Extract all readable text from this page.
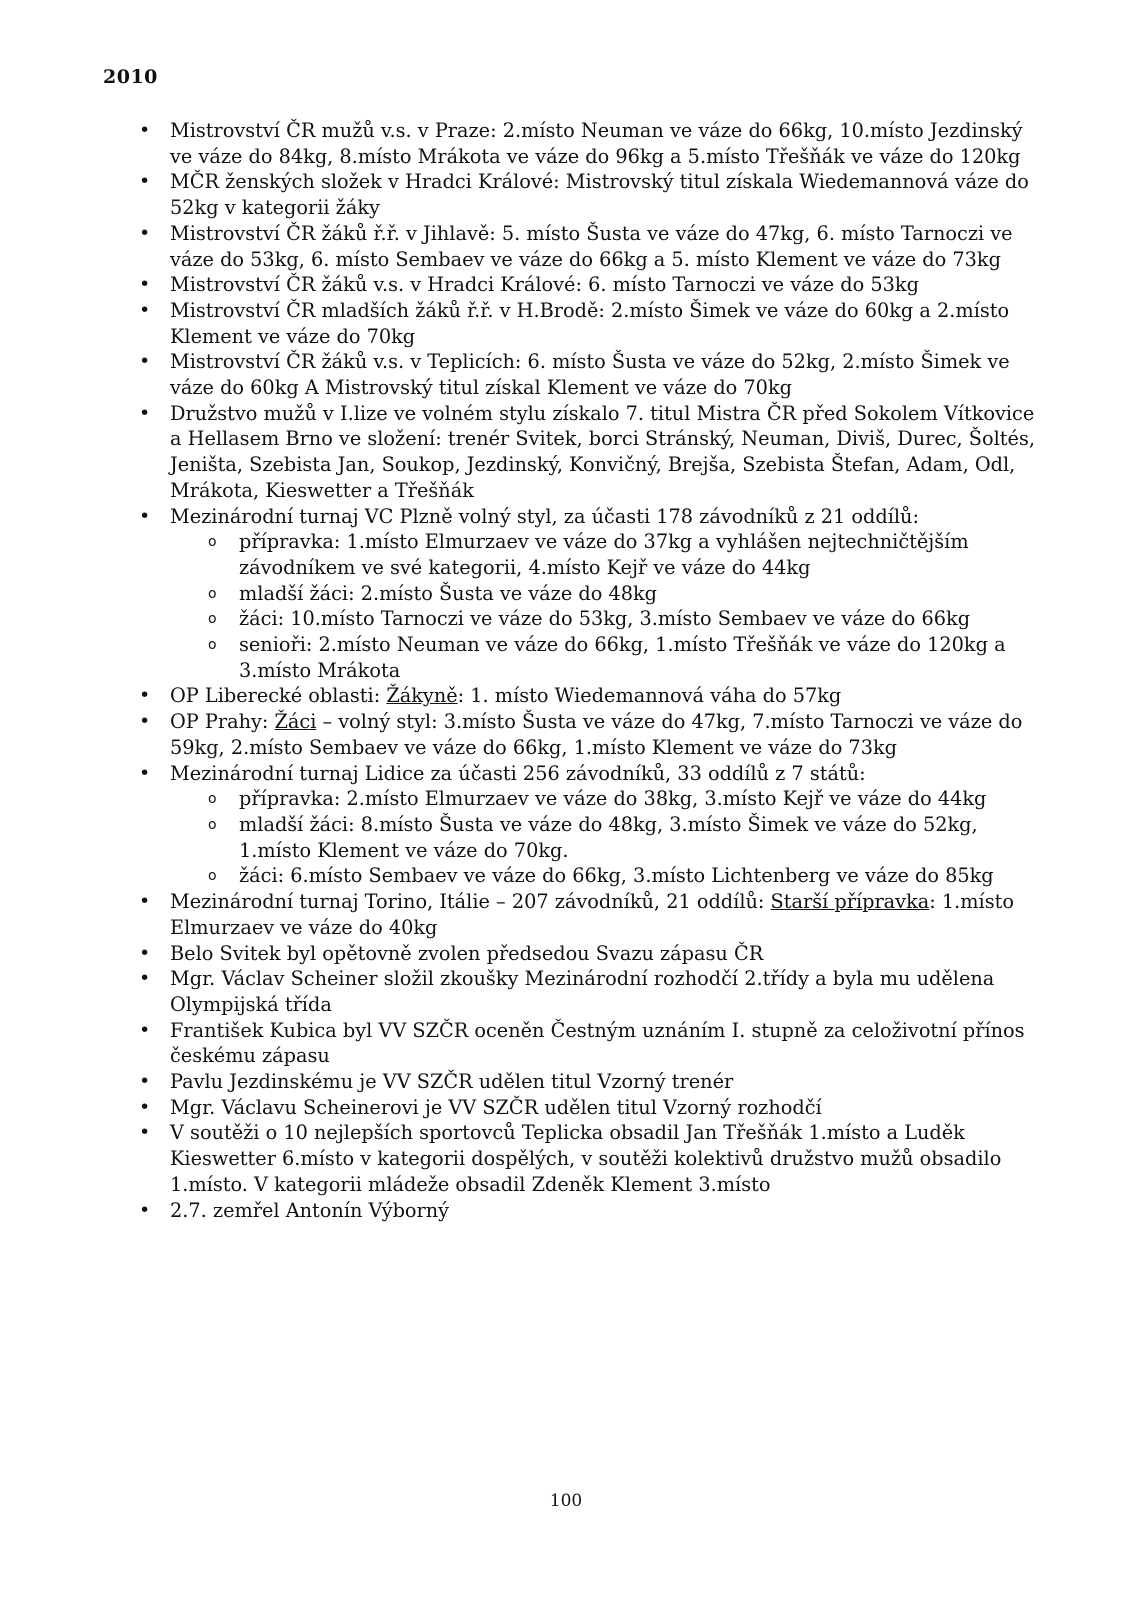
2010
• Mistrovství ČR mužů v.s. v Praze: 2.místo Neuman ve váze do 66kg, 10.místo Jezdinský ve váze do 84kg, 8.místo Mrákota ve váze do 96kg a 5.místo Třešňák ve váze do 120kg
• MČR ženských složek v Hradci Králové: Mistrovský titul získala Wiedemannová váze do 52kg v kategorii žáky
• Mistrovství ČR žáků ř.ř. v Jihlavě: 5. místo Šusta ve váze do 47kg, 6. místo Tarnoczi ve váze do 53kg, 6. místo Sembaev ve váze do 66kg a 5. místo Klement ve váze do 73kg
• Mistrovství ČR žáků v.s. v Hradci Králové: 6. místo Tarnoczi ve váze do 53kg
• Mistrovství ČR mladších žáků ř.ř. v H.Brodě: 2.místo Šimek ve váze do 60kg a 2.místo Klement ve váze do 70kg
• Mistrovství ČR žáků v.s. v Teplicích: 6. místo Šusta ve váze do 52kg, 2.místo Šimek ve váze do 60kg A Mistrovský titul získal Klement ve váze do 70kg
• Družstvo mužů v I.lize ve volném stylu získalo 7. titul Mistra ČR před Sokolem Vítkovice a Hellasem Brno ve složení: trenér Svitek, borci Stránský, Neuman, Diviš, Durec, Šoltés, Jeništa, Szebista Jan, Soukop, Jezdinský, Konvičný, Brejša, Szebista Štefan, Adam, Odl, Mrákota, Kieswetter a Třešňák
• Mezinárodní turnaj VC Plzně volný styl, za účasti 178 závodníků z 21 oddílů:
o přípravka: 1.místo Elmurzaev ve váze do 37kg a vyhlášen nejtechničtějším závodníkem ve své kategorii, 4.místo Kejř ve váze do 44kg
o mladší žáci: 2.místo Šusta ve váze do 48kg
o žáci: 10.místo Tarnoczi ve váze do 53kg, 3.místo Sembaev ve váze do 66kg
o senioři: 2.místo Neuman ve váze do 66kg, 1.místo Třešňák ve váze do 120kg a 3.místo Mrákota
• OP Liberecké oblasti: Žákyně: 1. místo Wiedemannová váha do 57kg
• OP Prahy: Žáci – volný styl: 3.místo Šusta ve váze do 47kg, 7.místo Tarnoczi ve váze do 59kg, 2.místo Sembaev ve váze do 66kg, 1.místo Klement ve váze do 73kg
• Mezinárodní turnaj Lidice za účasti 256 závodníků, 33 oddílů z 7 států:
o přípravka: 2.místo Elmurzaev ve váze do 38kg, 3.místo Kejř ve váze do 44kg
o mladší žáci: 8.místo Šusta ve váze do 48kg, 3.místo Šimek ve váze do 52kg, 1.místo Klement ve váze do 70kg.
o žáci: 6.místo Sembaev ve váze do 66kg, 3.místo Lichtenberg ve váze do 85kg
• Mezinárodní turnaj Torino, Itálie – 207 závodníků, 21 oddílů: Starší přípravka: 1.místo Elmurzaev ve váze do 40kg
• Belo Svitek byl opětovně zvolen předsedou Svazu zápasu ČR
• Mgr. Václav Scheiner složil zkoušky Mezinárodní rozhodčí 2.třídy a byla mu udělena Olympijská třída
• František Kubica byl VV SZČR oceněn Čestným uznáním I. stupně za celoživotní přínos českému zápasu
• Pavlu Jezdinskému je VV SZČR udělen titul Vzorný trenér
• Mgr. Václavu Scheinerovi je VV SZČR udělen titul Vzorný rozhodčí
• V soutěži o 10 nejlepších sportovců Teplicka obsadil Jan Třešňák 1.místo a Luděk Kieswetter 6.místo v kategorii dospělých, v soutěži kolektivů družstvo mužů obsadilo 1.místo. V kategorii mládeže obsadil Zdeněk Klement 3.místo
• 2.7. zemřel Antonín Výborný
100
